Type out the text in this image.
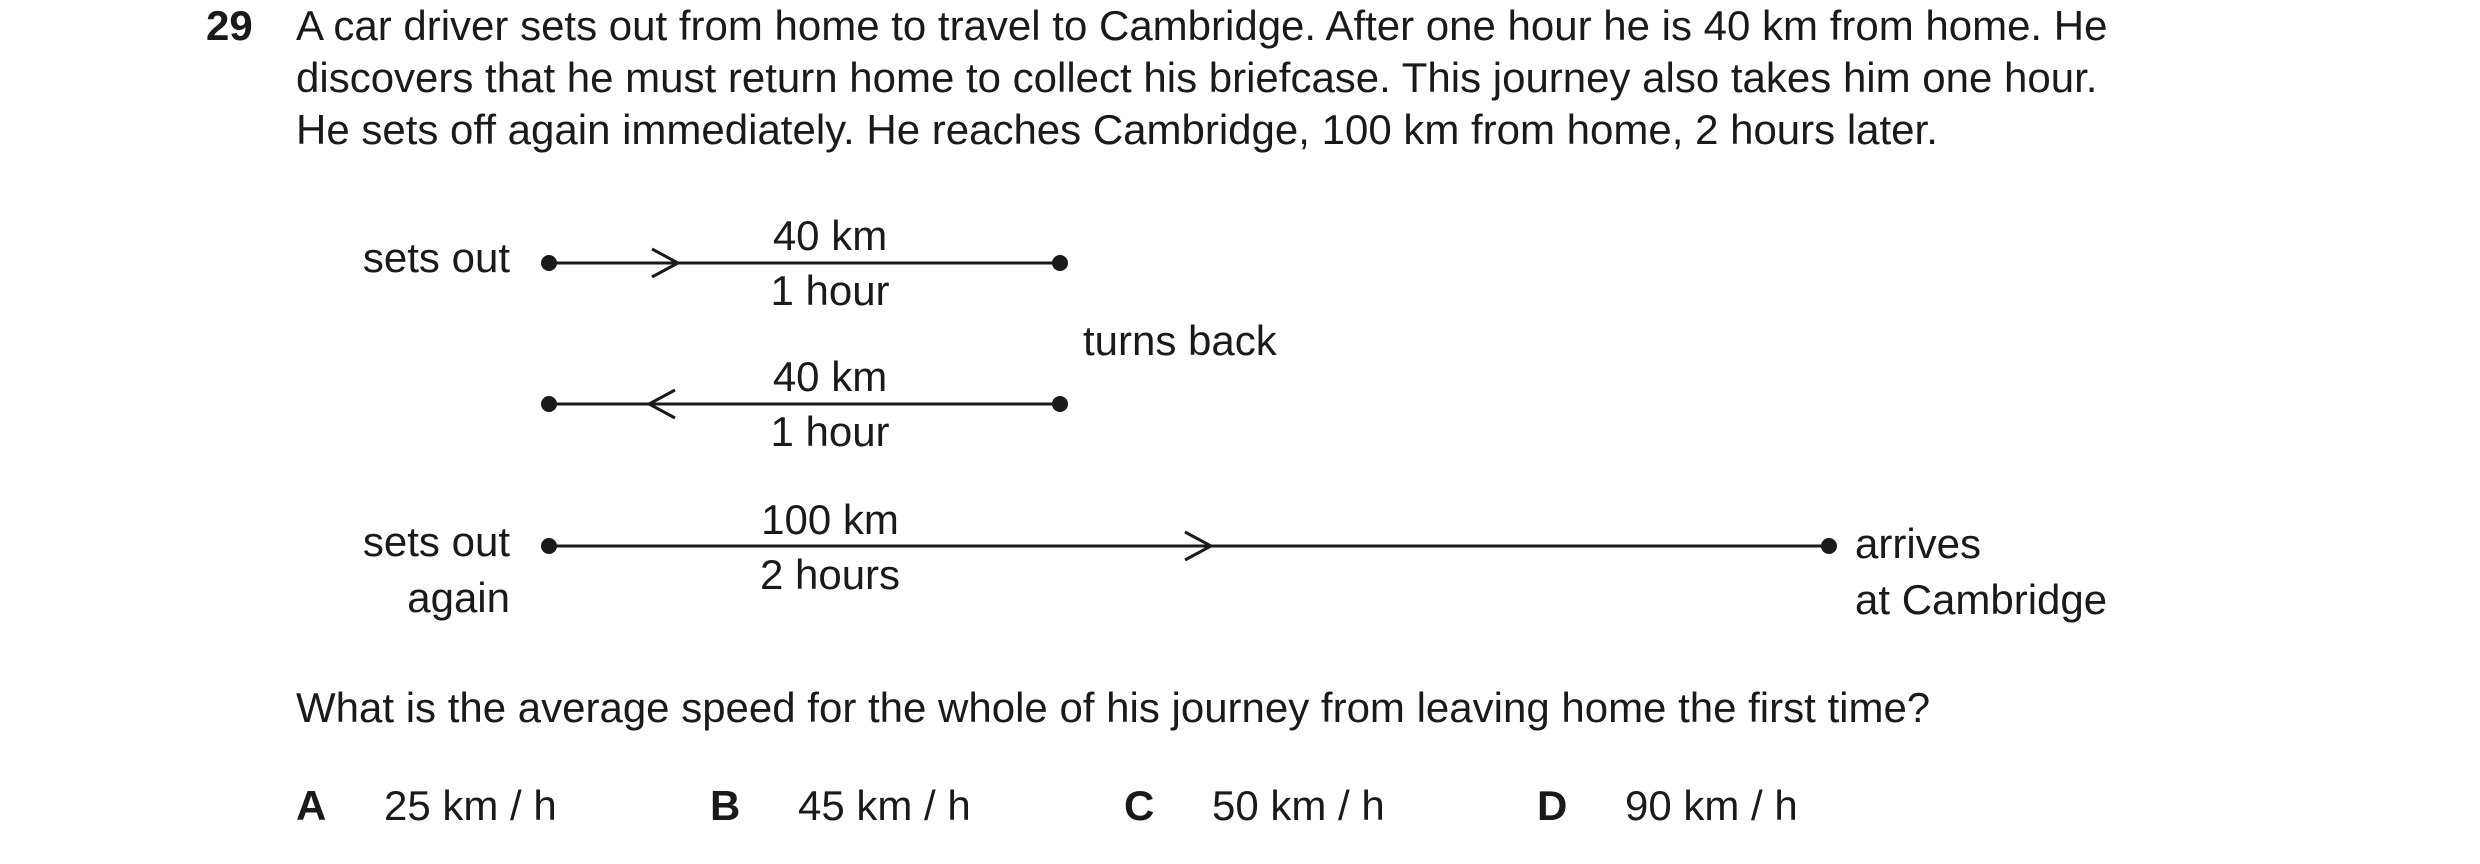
29 A car driver sets out from home to travel to Cambridge. After one hour he is 40 km from home. He
discovers that he must return home to collect his briefcase. This journey also takes him one hour.
He sets off again immediately. He reaches Cambridge, 100 km from home, 2 hours later.
sets out	40 km
1 hour
turns back
40 km
1 hour
sets out
again
100 km
2 hours
arrives
at Cambridge
What is the average speed for the whole of his journey from leaving home the first time?
A 25 km / h	B 45 km / h	C 50 km / h	D 90 km / h
